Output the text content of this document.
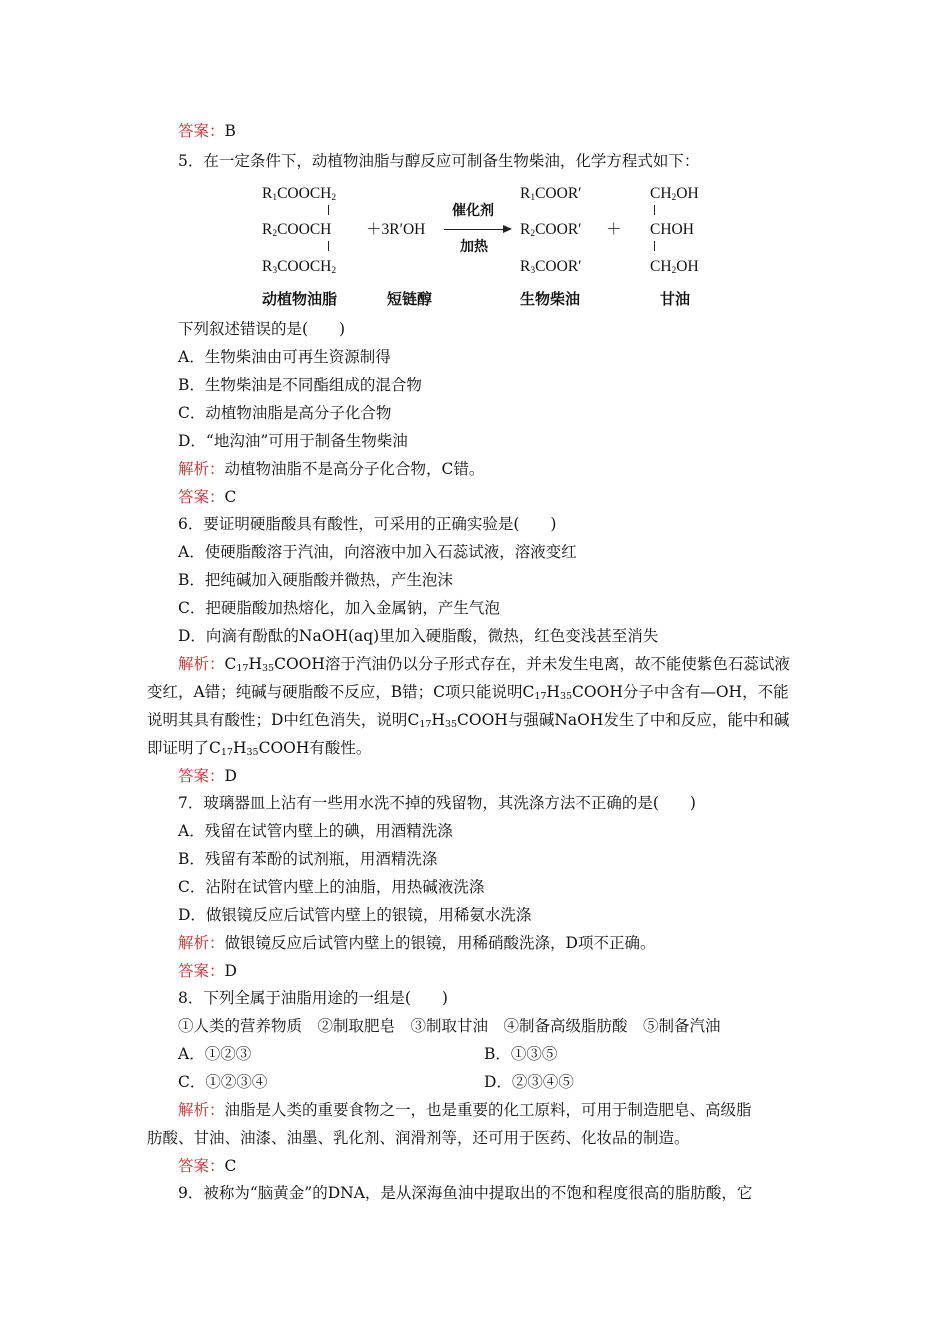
答案：B
5．在一定条件下，动植物油脂与醇反应可制备生物柴油，化学方程式如下：
$R_1COOCH_2$
$R_2COOCH$
$R_3COOCH_2$
＋3R′OH
催化剂
加热
$R_1COOR'$
$R_2COOR'$
$R_3COOR'$
＋
$CH_2OH$
CHOH
$CH_2OH$
动植物油脂	短链醇	生物柴油	甘油
下列叙述错误的是(　　)
A．生物柴油由可再生资源制得
B．生物柴油是不同酯组成的混合物
C．动植物油脂是高分子化合物
D．“地沟油”可用于制备生物柴油
解析：动植物油脂不是高分子化合物，C错。
答案：C
6．要证明硬脂酸具有酸性，可采用的正确实验是(　　)
A．使硬脂酸溶于汽油，向溶液中加入石蕊试液，溶液变红
B．把纯碱加入硬脂酸并微热，产生泡沫
C．把硬脂酸加热熔化，加入金属钠，产生气泡
D．向滴有酚酞的NaOH(aq)里加入硬脂酸，微热，红色变浅甚至消失
解析：$C_{17}H_{35}COOH$溶于汽油仍以分子形式存在，并未发生电离，故不能使紫色石蕊试液
变红，A错；纯碱与硬脂酸不反应，B错；C项只能说明$C_{17}H_{35}COOH$分子中含有—OH，不能
说明其具有酸性；D中红色消失，说明$C_{17}H_{35}COOH$与强碱NaOH发生了中和反应，能中和碱
即证明了$C_{17}H_{35}COOH$有酸性。
答案：D
7．玻璃器皿上沾有一些用水洗不掉的残留物，其洗涤方法不正确的是(　　)
A．残留在试管内壁上的碘，用酒精洗涤
B．残留有苯酚的试剂瓶，用酒精洗涤
C．沾附在试管内壁上的油脂，用热碱液洗涤
D．做银镜反应后试管内壁上的银镜，用稀氨水洗涤
解析：做银镜反应后试管内壁上的银镜，用稀硝酸洗涤，D项不正确。
答案：D
8．下列全属于油脂用途的一组是(　　)
①人类的营养物质　②制取肥皂　③制取甘油　④制备高级脂肪酸　⑤制备汽油
A．①②③	B．①③⑤
C．①②③④	D．②③④⑤
解析：油脂是人类的重要食物之一，也是重要的化工原料，可用于制造肥皂、高级脂
肪酸、甘油、油漆、油墨、乳化剂、润滑剂等，还可用于医药、化妆品的制造。
答案：C
9．被称为“脑黄金”的DNA，是从深海鱼油中提取出的不饱和程度很高的脂肪酸，它
